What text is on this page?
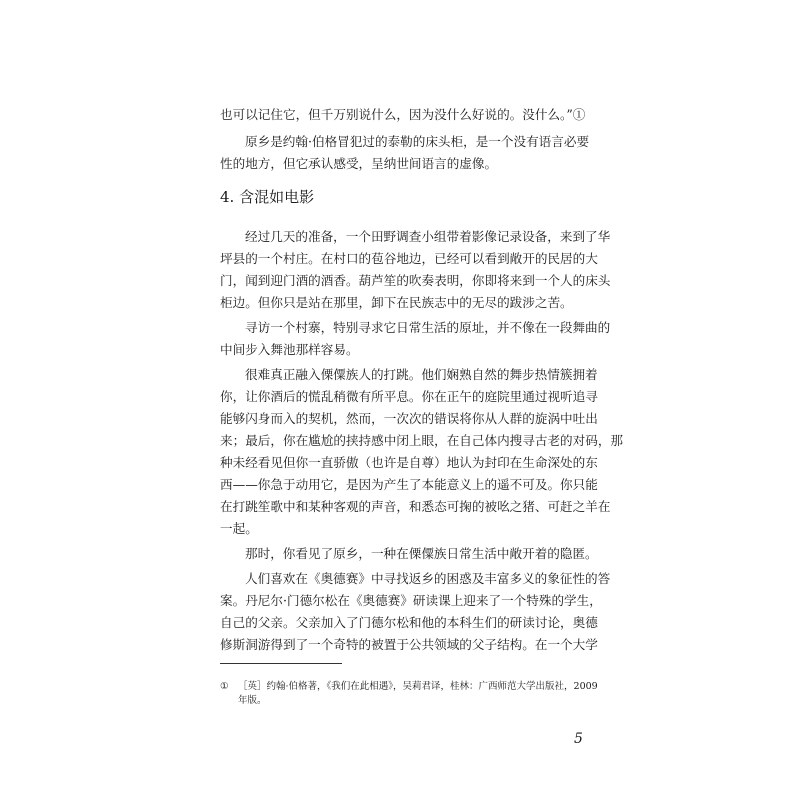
也可以记住它，但千万别说什么，因为没什么好说的。没什么。”①
原乡是约翰·伯格冒犯过的泰勒的床头柜，是一个没有语言必要
性的地方，但它承认感受，呈纳世间语言的虚像。
4. 含混如电影
经过几天的准备，一个田野调查小组带着影像记录设备，来到了华
坪县的一个村庄。在村口的苞谷地边，已经可以看到敞开的民居的大
门，闻到迎门酒的酒香。葫芦笙的吹奏表明，你即将来到一个人的床头
柜边。但你只是站在那里，卸下在民族志中的无尽的跋涉之苦。
寻访一个村寨，特别寻求它日常生活的原址，并不像在一段舞曲的
中间步入舞池那样容易。
很难真正融入傈僳族人的打跳。他们娴熟自然的舞步热情簇拥着
你，让你酒后的慌乱稍微有所平息。你在正午的庭院里通过视听追寻
能够闪身而入的契机，然而，一次次的错误将你从人群的旋涡中吐出
来；最后，你在尴尬的挟持感中闭上眼，在自己体内搜寻古老的对码，那
种未经看见但你一直骄傲（也许是自尊）地认为封印在生命深处的东
西——你急于动用它，是因为产生了本能意义上的遥不可及。你只能
在打跳笙歌中和某种客观的声音，和悉态可掬的被吆之猪、可赶之羊在
一起。
那时，你看见了原乡，一种在傈僳族日常生活中敞开着的隐匿。
人们喜欢在《奥德赛》中寻找返乡的困惑及丰富多义的象征性的答
案。丹尼尔·门德尔松在《奥德赛》研读课上迎来了一个特殊的学生，
自己的父亲。父亲加入了门德尔松和他的本科生们的研读讨论，奥德
修斯洞游得到了一个奇特的被置于公共领域的父子结构。在一个大学
① ［英］约翰·伯格著，《我们在此相遇》，吴莉君译，桂林：广西师范大学出版社，2009
年版。
5
